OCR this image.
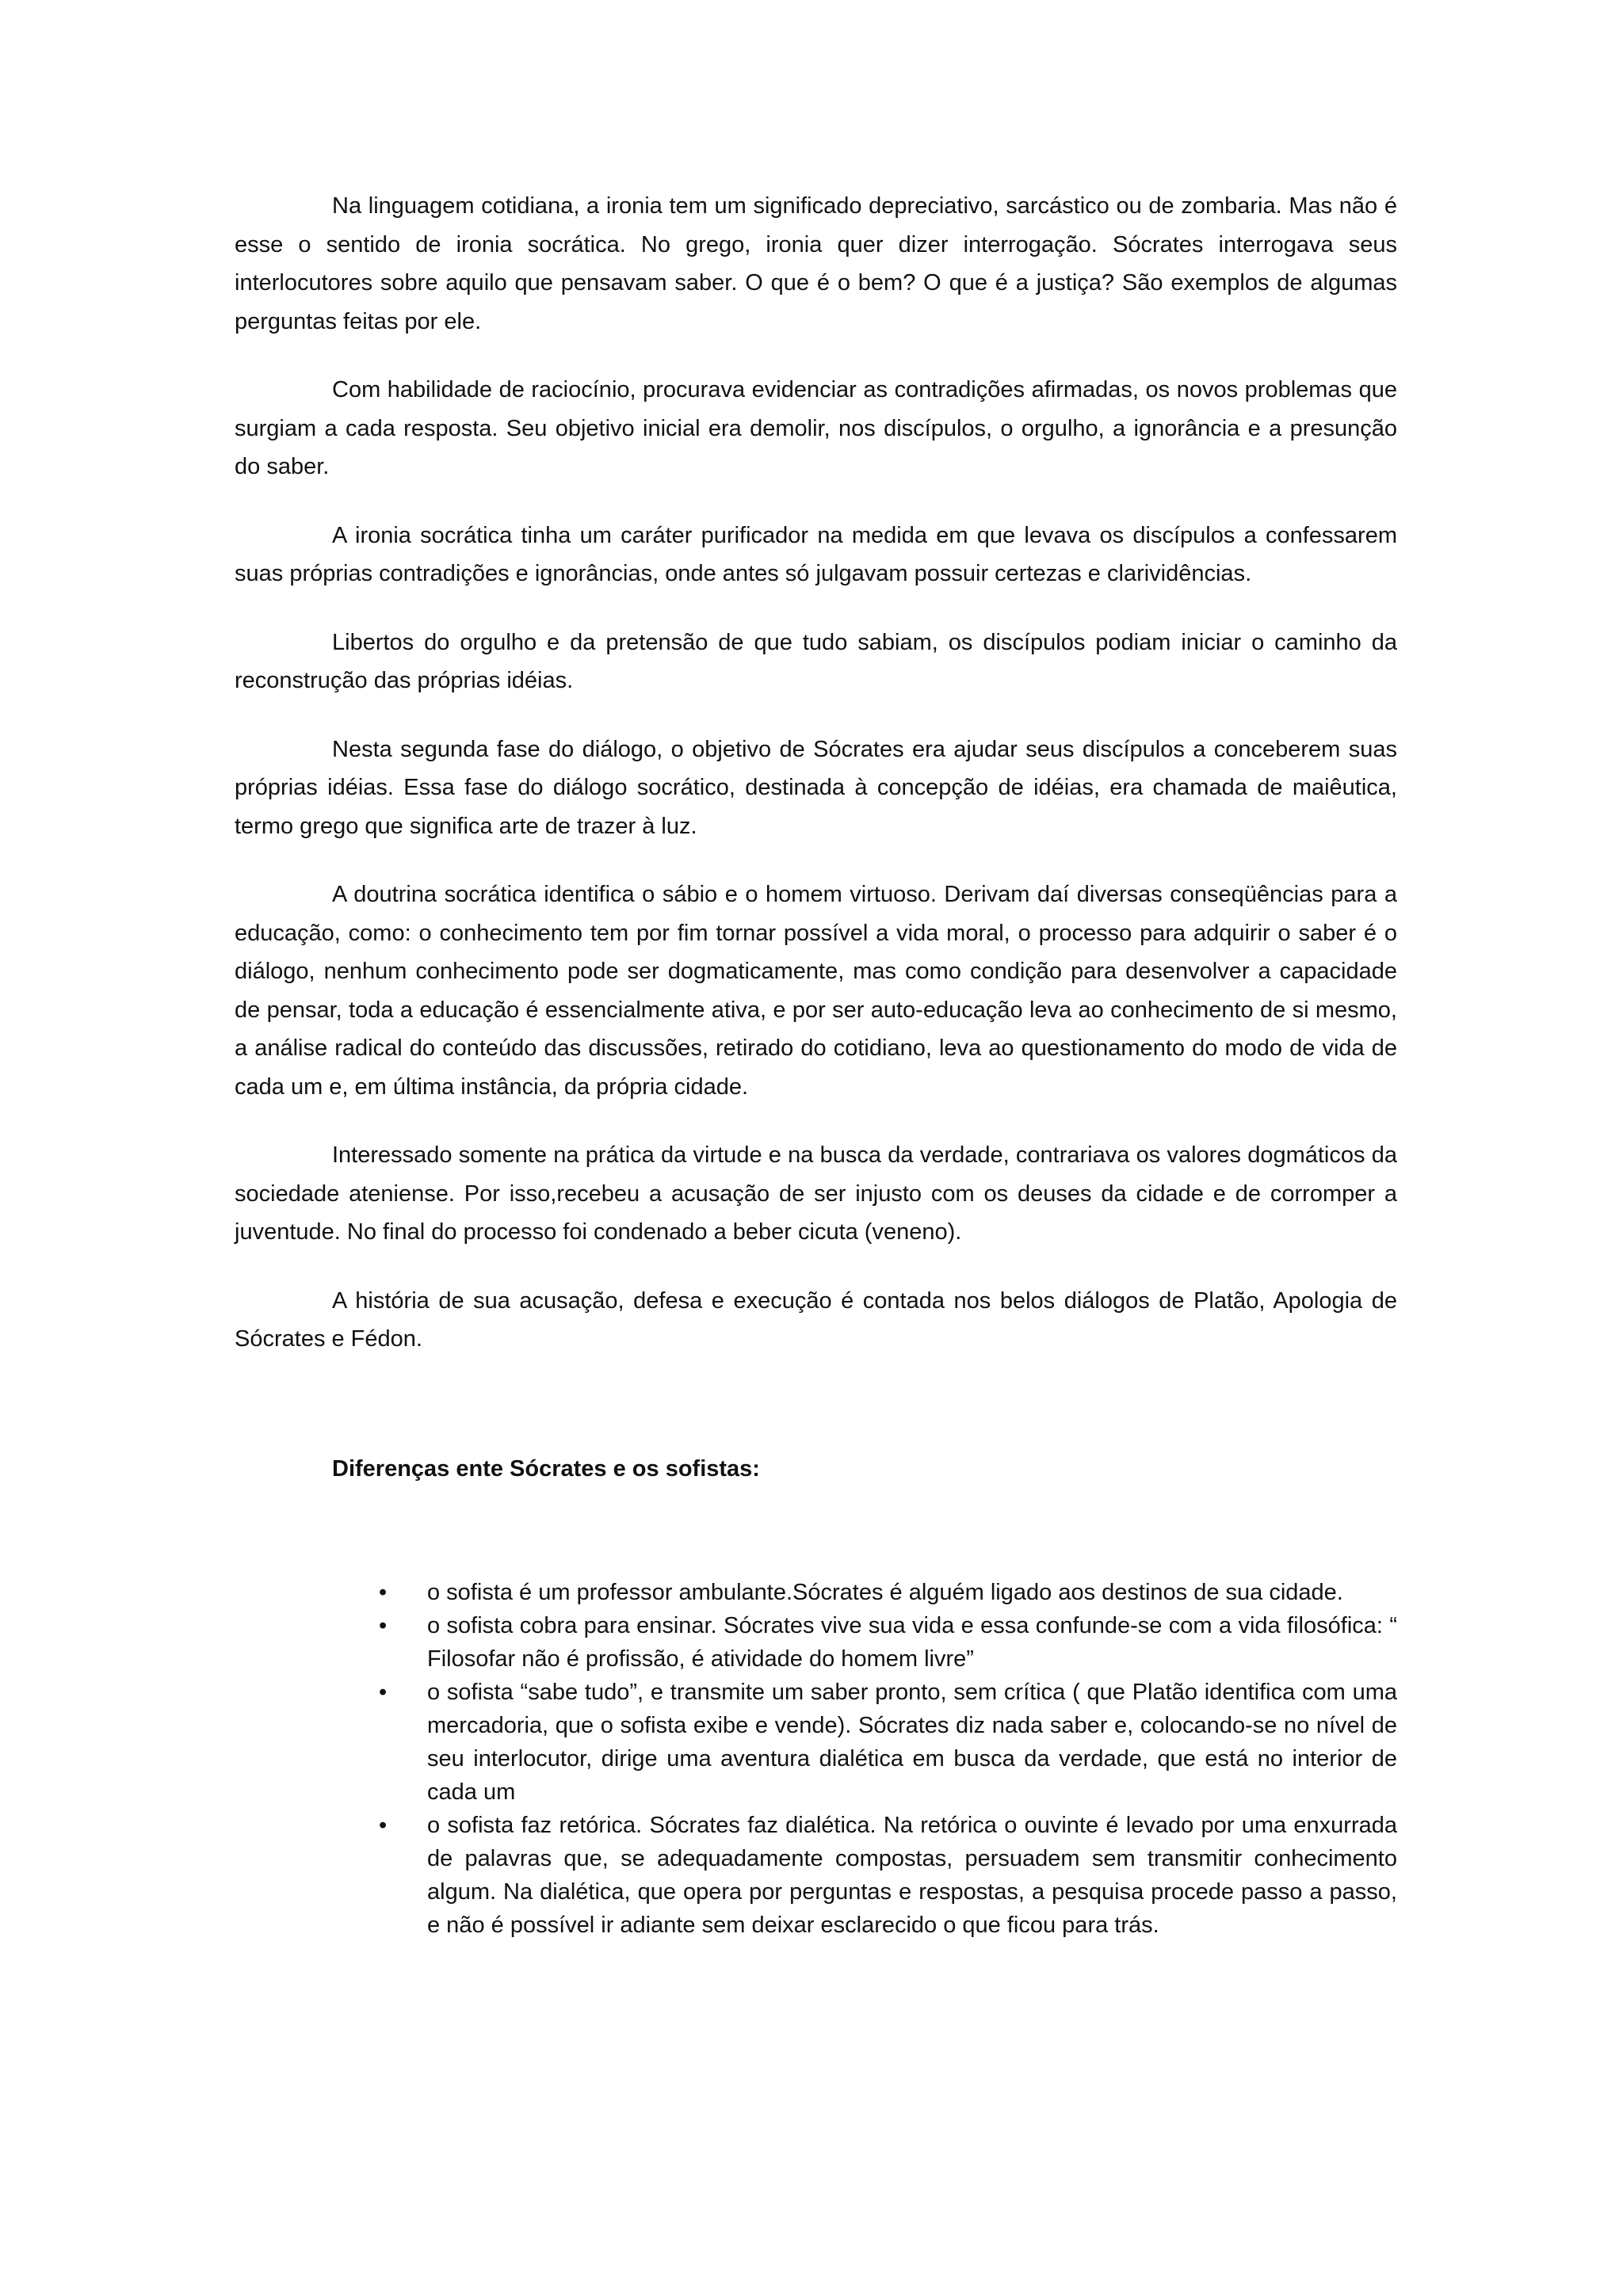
Na linguagem cotidiana, a ironia tem um significado depreciativo, sarcástico ou de zombaria. Mas não é esse o sentido de ironia socrática. No grego, ironia quer dizer interrogação. Sócrates interrogava seus interlocutores sobre aquilo que pensavam saber. O que é o bem? O que é a justiça? São exemplos de algumas perguntas feitas por ele.

Com habilidade de raciocínio, procurava evidenciar as contradições afirmadas, os novos problemas que surgiam a cada resposta. Seu objetivo inicial era demolir, nos discípulos, o orgulho, a ignorância e a presunção do saber.

A ironia socrática tinha um caráter purificador na medida em que levava os discípulos a confessarem suas próprias contradições e ignorâncias, onde antes só julgavam possuir certezas e clarividências.

Libertos do orgulho e da pretensão de que tudo sabiam, os discípulos podiam iniciar o caminho da reconstrução das próprias idéias.

Nesta segunda fase do diálogo, o objetivo de Sócrates era ajudar seus discípulos a conceberem suas próprias idéias. Essa fase do diálogo socrático, destinada à concepção de idéias, era chamada de maiêutica, termo grego que significa arte de trazer à luz.

A doutrina socrática identifica o sábio e o homem virtuoso. Derivam daí diversas conseqüências para a educação, como: o conhecimento tem por fim tornar possível a vida moral, o processo para adquirir o saber é o diálogo, nenhum conhecimento pode ser dogmaticamente, mas como condição para desenvolver a capacidade de pensar, toda a educação é essencialmente ativa, e por ser auto-educação leva ao conhecimento de si mesmo, a análise radical do conteúdo das discussões, retirado do cotidiano, leva ao questionamento do modo de vida de cada um e, em última instância, da própria cidade.

Interessado somente na prática da virtude e na busca da verdade, contrariava os valores dogmáticos da sociedade ateniense. Por isso,recebeu a acusação de ser injusto com os deuses da cidade e de corromper a juventude. No final do processo foi condenado a beber cicuta (veneno).

A história de sua acusação, defesa e execução é contada nos belos diálogos de Platão, Apologia de Sócrates e Fédon.

Diferenças ente Sócrates e os sofistas:
• o sofista é um professor ambulante.Sócrates é alguém ligado aos destinos de sua cidade.
• o sofista cobra para ensinar. Sócrates vive sua vida e essa confunde-se com a vida filosófica: “ Filosofar não é profissão, é atividade do homem livre”
• o sofista “sabe tudo”, e transmite um saber pronto, sem crítica ( que Platão identifica com uma mercadoria, que o sofista exibe e vende). Sócrates diz nada saber e, colocando-se no nível de seu interlocutor, dirige uma aventura dialética em busca da verdade, que está no interior de cada um
• o sofista faz retórica. Sócrates faz dialética. Na retórica o ouvinte é levado por uma enxurrada de palavras que, se adequadamente compostas, persuadem sem transmitir conhecimento algum. Na dialética, que opera por perguntas e respostas, a pesquisa procede passo a passo, e não é possível ir adiante sem deixar esclarecido o que ficou para trás.
